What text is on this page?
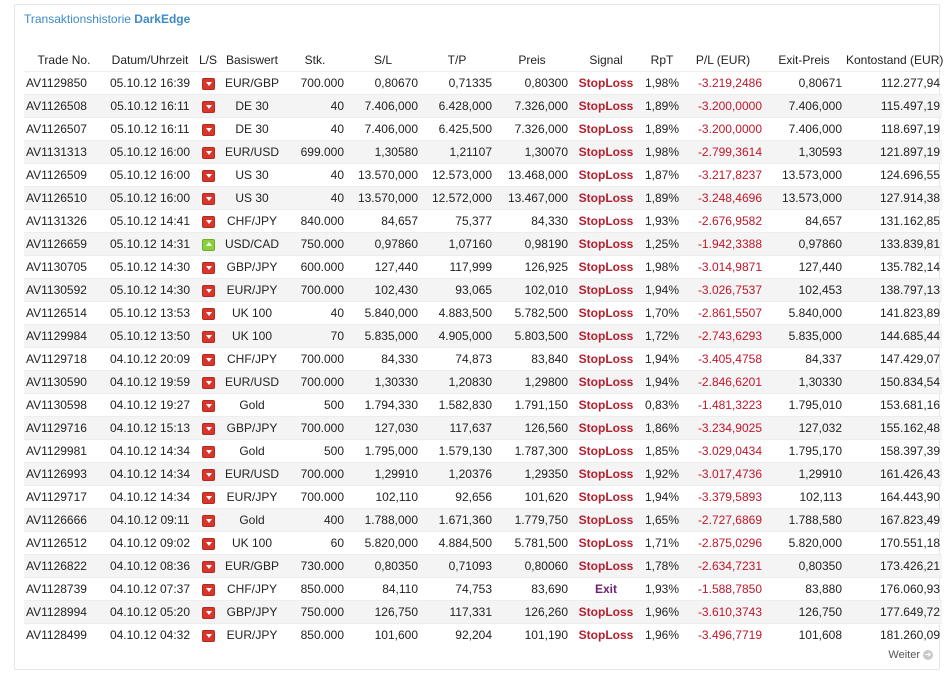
Transaktionshistorie DarkEdge
Trade No.	Datum/Uhrzeit	L/S	Basiswert	Stk.	S/L	T/P	Preis	Signal	RpT	P/L (EUR)	Exit-Preis	Kontostand (EUR)
AV1129850	05.10.12 16:39		EUR/GBP	700.000	0,80670	0,71335	0,80300	StopLoss	1,98%	-3.219,2486	0,80671	112.277,94
AV1126508	05.10.12 16:11		DE 30	40	7.406,000	6.428,000	7.326,000	StopLoss	1,89%	-3.200,0000	7.406,000	115.497,19
AV1126507	05.10.12 16:11		DE 30	40	7.406,000	6.425,500	7.326,000	StopLoss	1,89%	-3.200,0000	7.406,000	118.697,19
AV1131313	05.10.12 16:00		EUR/USD	699.000	1,30580	1,21107	1,30070	StopLoss	1,98%	-2.799,3614	1,30593	121.897,19
AV1126509	05.10.12 16:00		US 30	40	13.570,000	12.573,000	13.468,000	StopLoss	1,87%	-3.217,8237	13.573,000	124.696,55
AV1126510	05.10.12 16:00		US 30	40	13.570,000	12.572,000	13.467,000	StopLoss	1,89%	-3.248,4696	13.573,000	127.914,38
AV1131326	05.10.12 14:41		CHF/JPY	840.000	84,657	75,377	84,330	StopLoss	1,93%	-2.676,9582	84,657	131.162,85
AV1126659	05.10.12 14:31		USD/CAD	750.000	0,97860	1,07160	0,98190	StopLoss	1,25%	-1.942,3388	0,97860	133.839,81
AV1130705	05.10.12 14:30		GBP/JPY	600.000	127,440	117,999	126,925	StopLoss	1,98%	-3.014,9871	127,440	135.782,14
AV1130592	05.10.12 14:30		EUR/JPY	700.000	102,430	93,065	102,010	StopLoss	1,94%	-3.026,7537	102,453	138.797,13
AV1126514	05.10.12 13:53		UK 100	40	5.840,000	4.883,500	5.782,500	StopLoss	1,70%	-2.861,5507	5.840,000	141.823,89
AV1129984	05.10.12 13:50		UK 100	70	5.835,000	4.905,000	5.803,500	StopLoss	1,72%	-2.743,6293	5.835,000	144.685,44
AV1129718	04.10.12 20:09		CHF/JPY	700.000	84,330	74,873	83,840	StopLoss	1,94%	-3.405,4758	84,337	147.429,07
AV1130590	04.10.12 19:59		EUR/USD	700.000	1,30330	1,20830	1,29800	StopLoss	1,94%	-2.846,6201	1,30330	150.834,54
AV1130598	04.10.12 19:27		Gold	500	1.794,330	1.582,830	1.791,150	StopLoss	0,83%	-1.481,3223	1.795,010	153.681,16
AV1129716	04.10.12 15:13		GBP/JPY	700.000	127,030	117,637	126,560	StopLoss	1,86%	-3.234,9025	127,032	155.162,48
AV1129981	04.10.12 14:34		Gold	500	1.795,000	1.579,130	1.787,300	StopLoss	1,85%	-3.029,0434	1.795,170	158.397,39
AV1126993	04.10.12 14:34		EUR/USD	700.000	1,29910	1,20376	1,29350	StopLoss	1,92%	-3.017,4736	1,29910	161.426,43
AV1129717	04.10.12 14:34		EUR/JPY	700.000	102,110	92,656	101,620	StopLoss	1,94%	-3.379,5893	102,113	164.443,90
AV1126666	04.10.12 09:11		Gold	400	1.788,000	1.671,360	1.779,750	StopLoss	1,65%	-2.727,6869	1.788,580	167.823,49
AV1126512	04.10.12 09:02		UK 100	60	5.820,000	4.884,500	5.781,500	StopLoss	1,71%	-2.875,0296	5.820,000	170.551,18
AV1126822	04.10.12 08:36		EUR/GBP	730.000	0,80350	0,71093	0,80060	StopLoss	1,78%	-2.634,7231	0,80350	173.426,21
AV1128739	04.10.12 07:37		CHF/JPY	850.000	84,110	74,753	83,690	Exit	1,93%	-1.588,7850	83,880	176.060,93
AV1128994	04.10.12 05:20		GBP/JPY	750.000	126,750	117,331	126,260	StopLoss	1,96%	-3.610,3743	126,750	177.649,72
AV1128499	04.10.12 04:32		EUR/JPY	850.000	101,600	92,204	101,190	StopLoss	1,96%	-3.496,7719	101,608	181.260,09
Weiter ➜
